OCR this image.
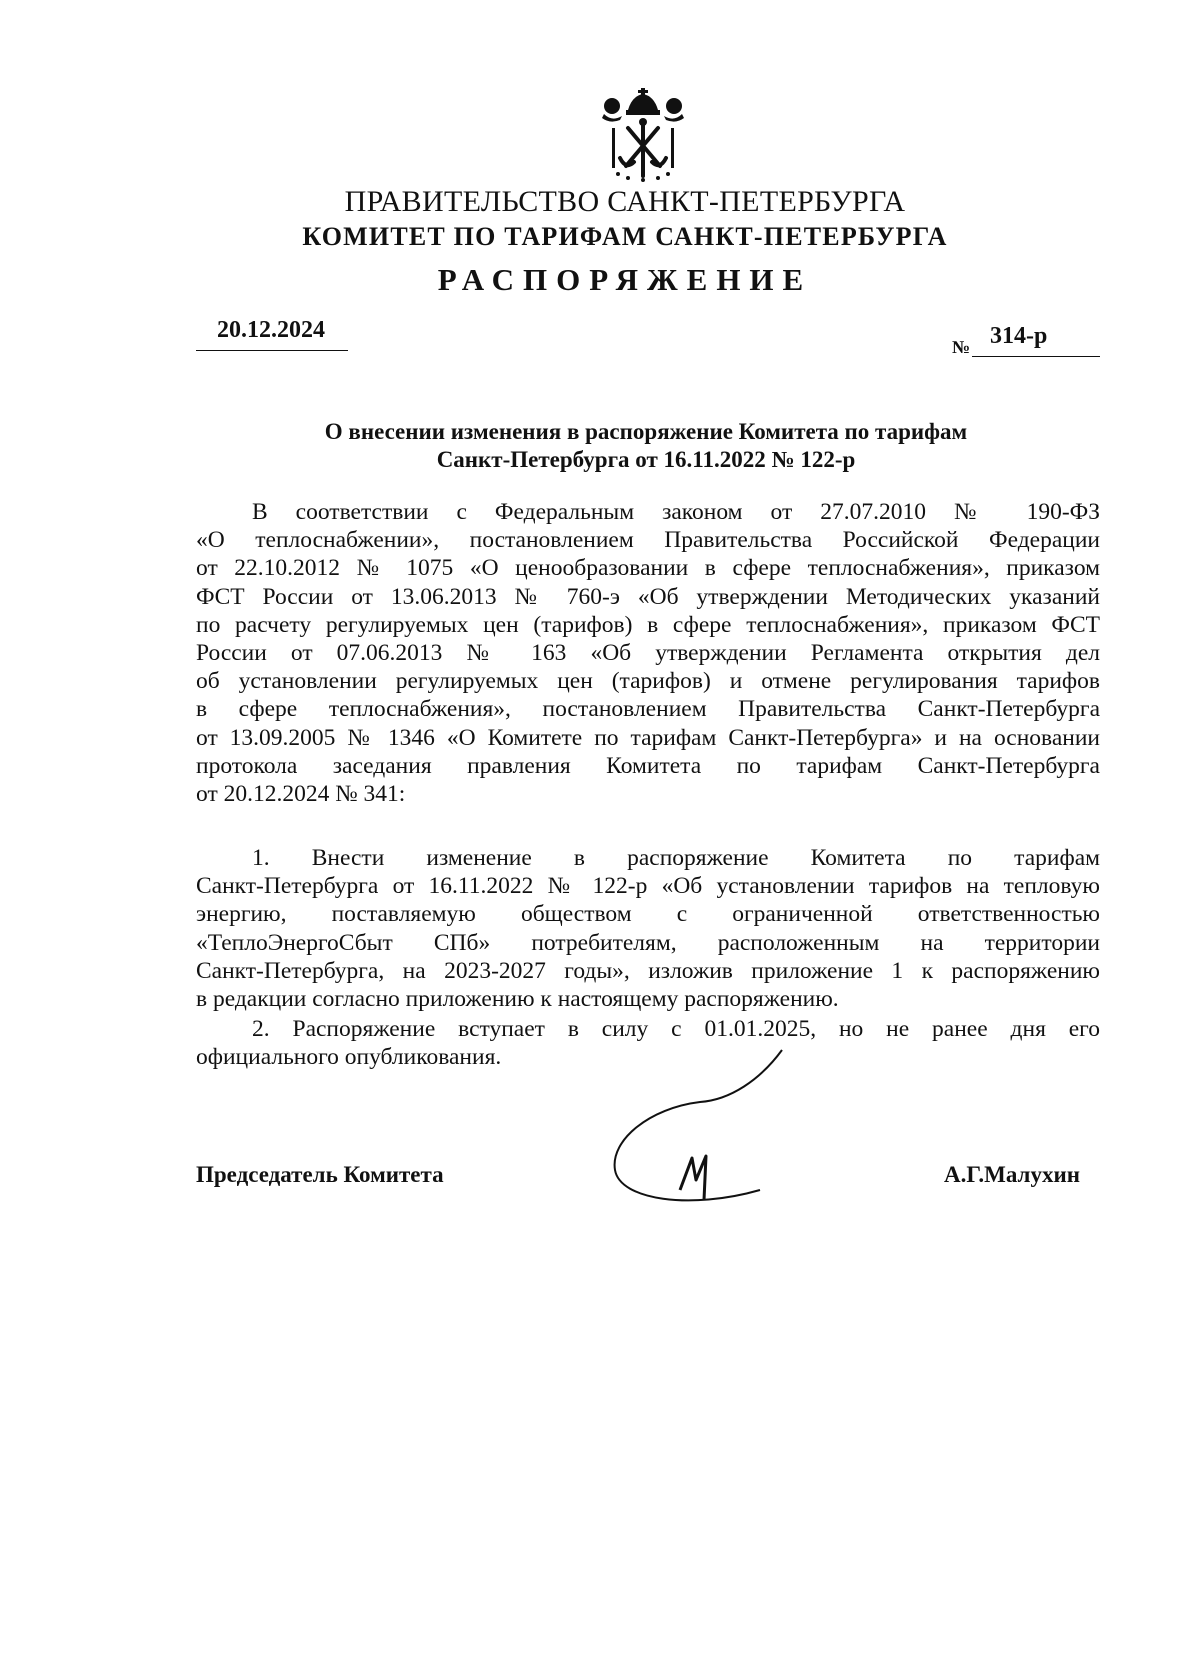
ПРАВИТЕЛЬСТВО САНКТ-ПЕТЕРБУРГА
КОМИТЕТ ПО ТАРИФАМ САНКТ-ПЕТЕРБУРГА
РАСПОРЯЖЕНИЕ
20.12.2024
№ 314-р
О внесении изменения в распоряжение Комитета по тарифам
Санкт-Петербурга от 16.11.2022 № 122-р
В соответствии с Федеральным законом от 27.07.2010 № 190-ФЗ
«О теплоснабжении», постановлением Правительства Российской Федерации
от 22.10.2012 № 1075 «О ценообразовании в сфере теплоснабжения», приказом
ФСТ России от 13.06.2013 № 760-э «Об утверждении Методических указаний
по расчету регулируемых цен (тарифов) в сфере теплоснабжения», приказом ФСТ
России от 07.06.2013 № 163 «Об утверждении Регламента открытия дел
об установлении регулируемых цен (тарифов) и отмене регулирования тарифов
в сфере теплоснабжения», постановлением Правительства Санкт-Петербурга
от 13.09.2005 № 1346 «О Комитете по тарифам Санкт-Петербурга» и на основании
протокола заседания правления Комитета по тарифам Санкт-Петербурга
от 20.12.2024 № 341:
1. Внести изменение в распоряжение Комитета по тарифам
Санкт-Петербурга от 16.11.2022 № 122-р «Об установлении тарифов на тепловую
энергию, поставляемую обществом с ограниченной ответственностью
«ТеплоЭнергоСбыт СПб» потребителям, расположенным на территории
Санкт-Петербурга, на 2023-2027 годы», изложив приложение 1 к распоряжению
в редакции согласно приложению к настоящему распоряжению.
2. Распоряжение вступает в силу с 01.01.2025, но не ранее дня его
официального опубликования.
Председатель Комитета	А.Г.Малухин
